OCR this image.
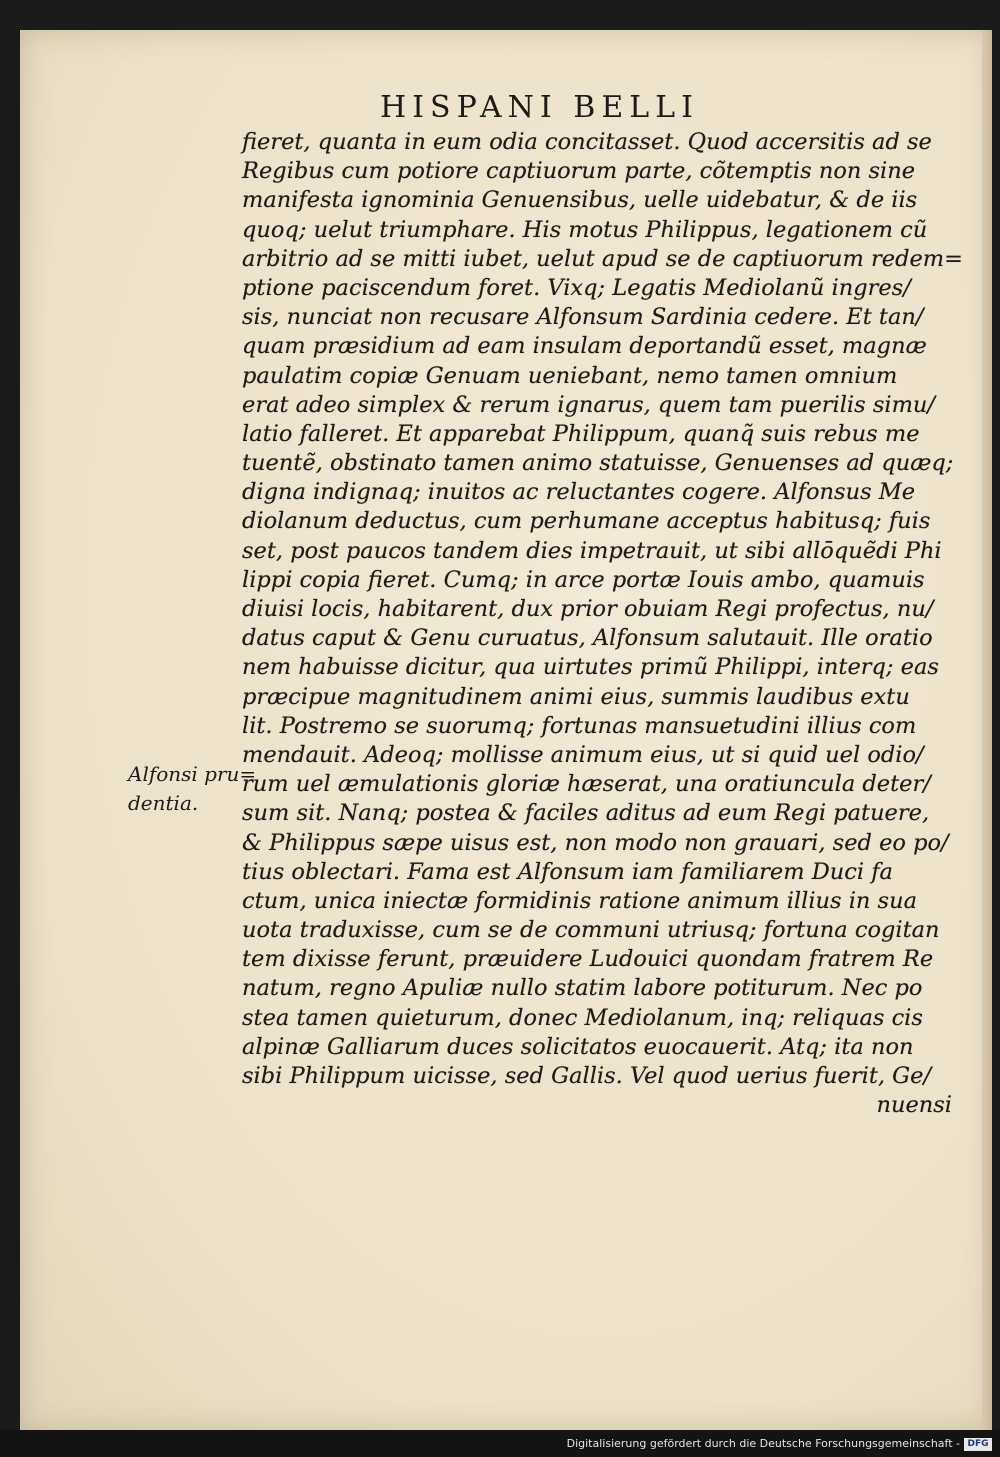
HISPANI BELLI
Alfonsi pru=
dentia.
fieret, quanta in eum odia concitasset. Quod accersitis ad se
Regibus cum potiore captiuorum parte, cõtemptis non sine
manifesta ignominia Genuensibus, uelle uidebatur, & de iis
quoq; uelut triumphare. His motus Philippus, legationem cũ
arbitrio ad se mitti iubet, uelut apud se de captiuorum redem=
ptione paciscendum foret. Vixq; Legatis Mediolanũ ingres/
sis, nunciat non recusare Alfonsum Sardinia cedere. Et tan/
quam præsidium ad eam insulam deportandũ esset, magnæ
paulatim copiæ Genuam ueniebant, nemo tamen omnium
erat adeo simplex & rerum ignarus, quem tam puerilis simu/
latio falleret. Et apparebat Philippum, quanq̃ suis rebus me
tuentẽ, obstinato tamen animo statuisse, Genuenses ad quæq;
digna indignaq; inuitos ac reluctantes cogere. Alfonsus Me
diolanum deductus, cum perhumane acceptus habitusq; fuis
set, post paucos tandem dies impetrauit, ut sibi allōquẽdi Phi
lippi copia fieret. Cumq; in arce portæ Iouis ambo, quamuis
diuisi locis, habitarent, dux prior obuiam Regi profectus, nu/
datus caput & Genu curuatus, Alfonsum salutauit. Ille oratio
nem habuisse dicitur, qua uirtutes primũ Philippi, interq; eas
præcipue magnitudinem animi eius, summis laudibus extu
lit. Postremo se suorumq; fortunas mansuetudini illius com
mendauit. Adeoq; mollisse animum eius, ut si quid uel odio/
rum uel æmulationis gloriæ hæserat, una oratiuncula deter/
sum sit. Nanq; postea & faciles aditus ad eum Regi patuere,
& Philippus sæpe uisus est, non modo non grauari, sed eo po/
tius oblectari. Fama est Alfonsum iam familiarem Duci fa
ctum, unica iniectæ formidinis ratione animum illius in sua
uota traduxisse, cum se de communi utriusq; fortuna cogitan
tem dixisse ferunt, præuidere Ludouici quondam fratrem Re
natum, regno Apuliæ nullo statim labore potiturum. Nec po
stea tamen quieturum, donec Mediolanum, inq; reliquas cis
alpinæ Galliarum duces solicitatos euocauerit. Atq; ita non
sibi Philippum uicisse, sed Gallis. Vel quod uerius fuerit, Ge/
nuensi
Digitalisierung gefördert durch die Deutsche Forschungsgemeinschaft - DFG
